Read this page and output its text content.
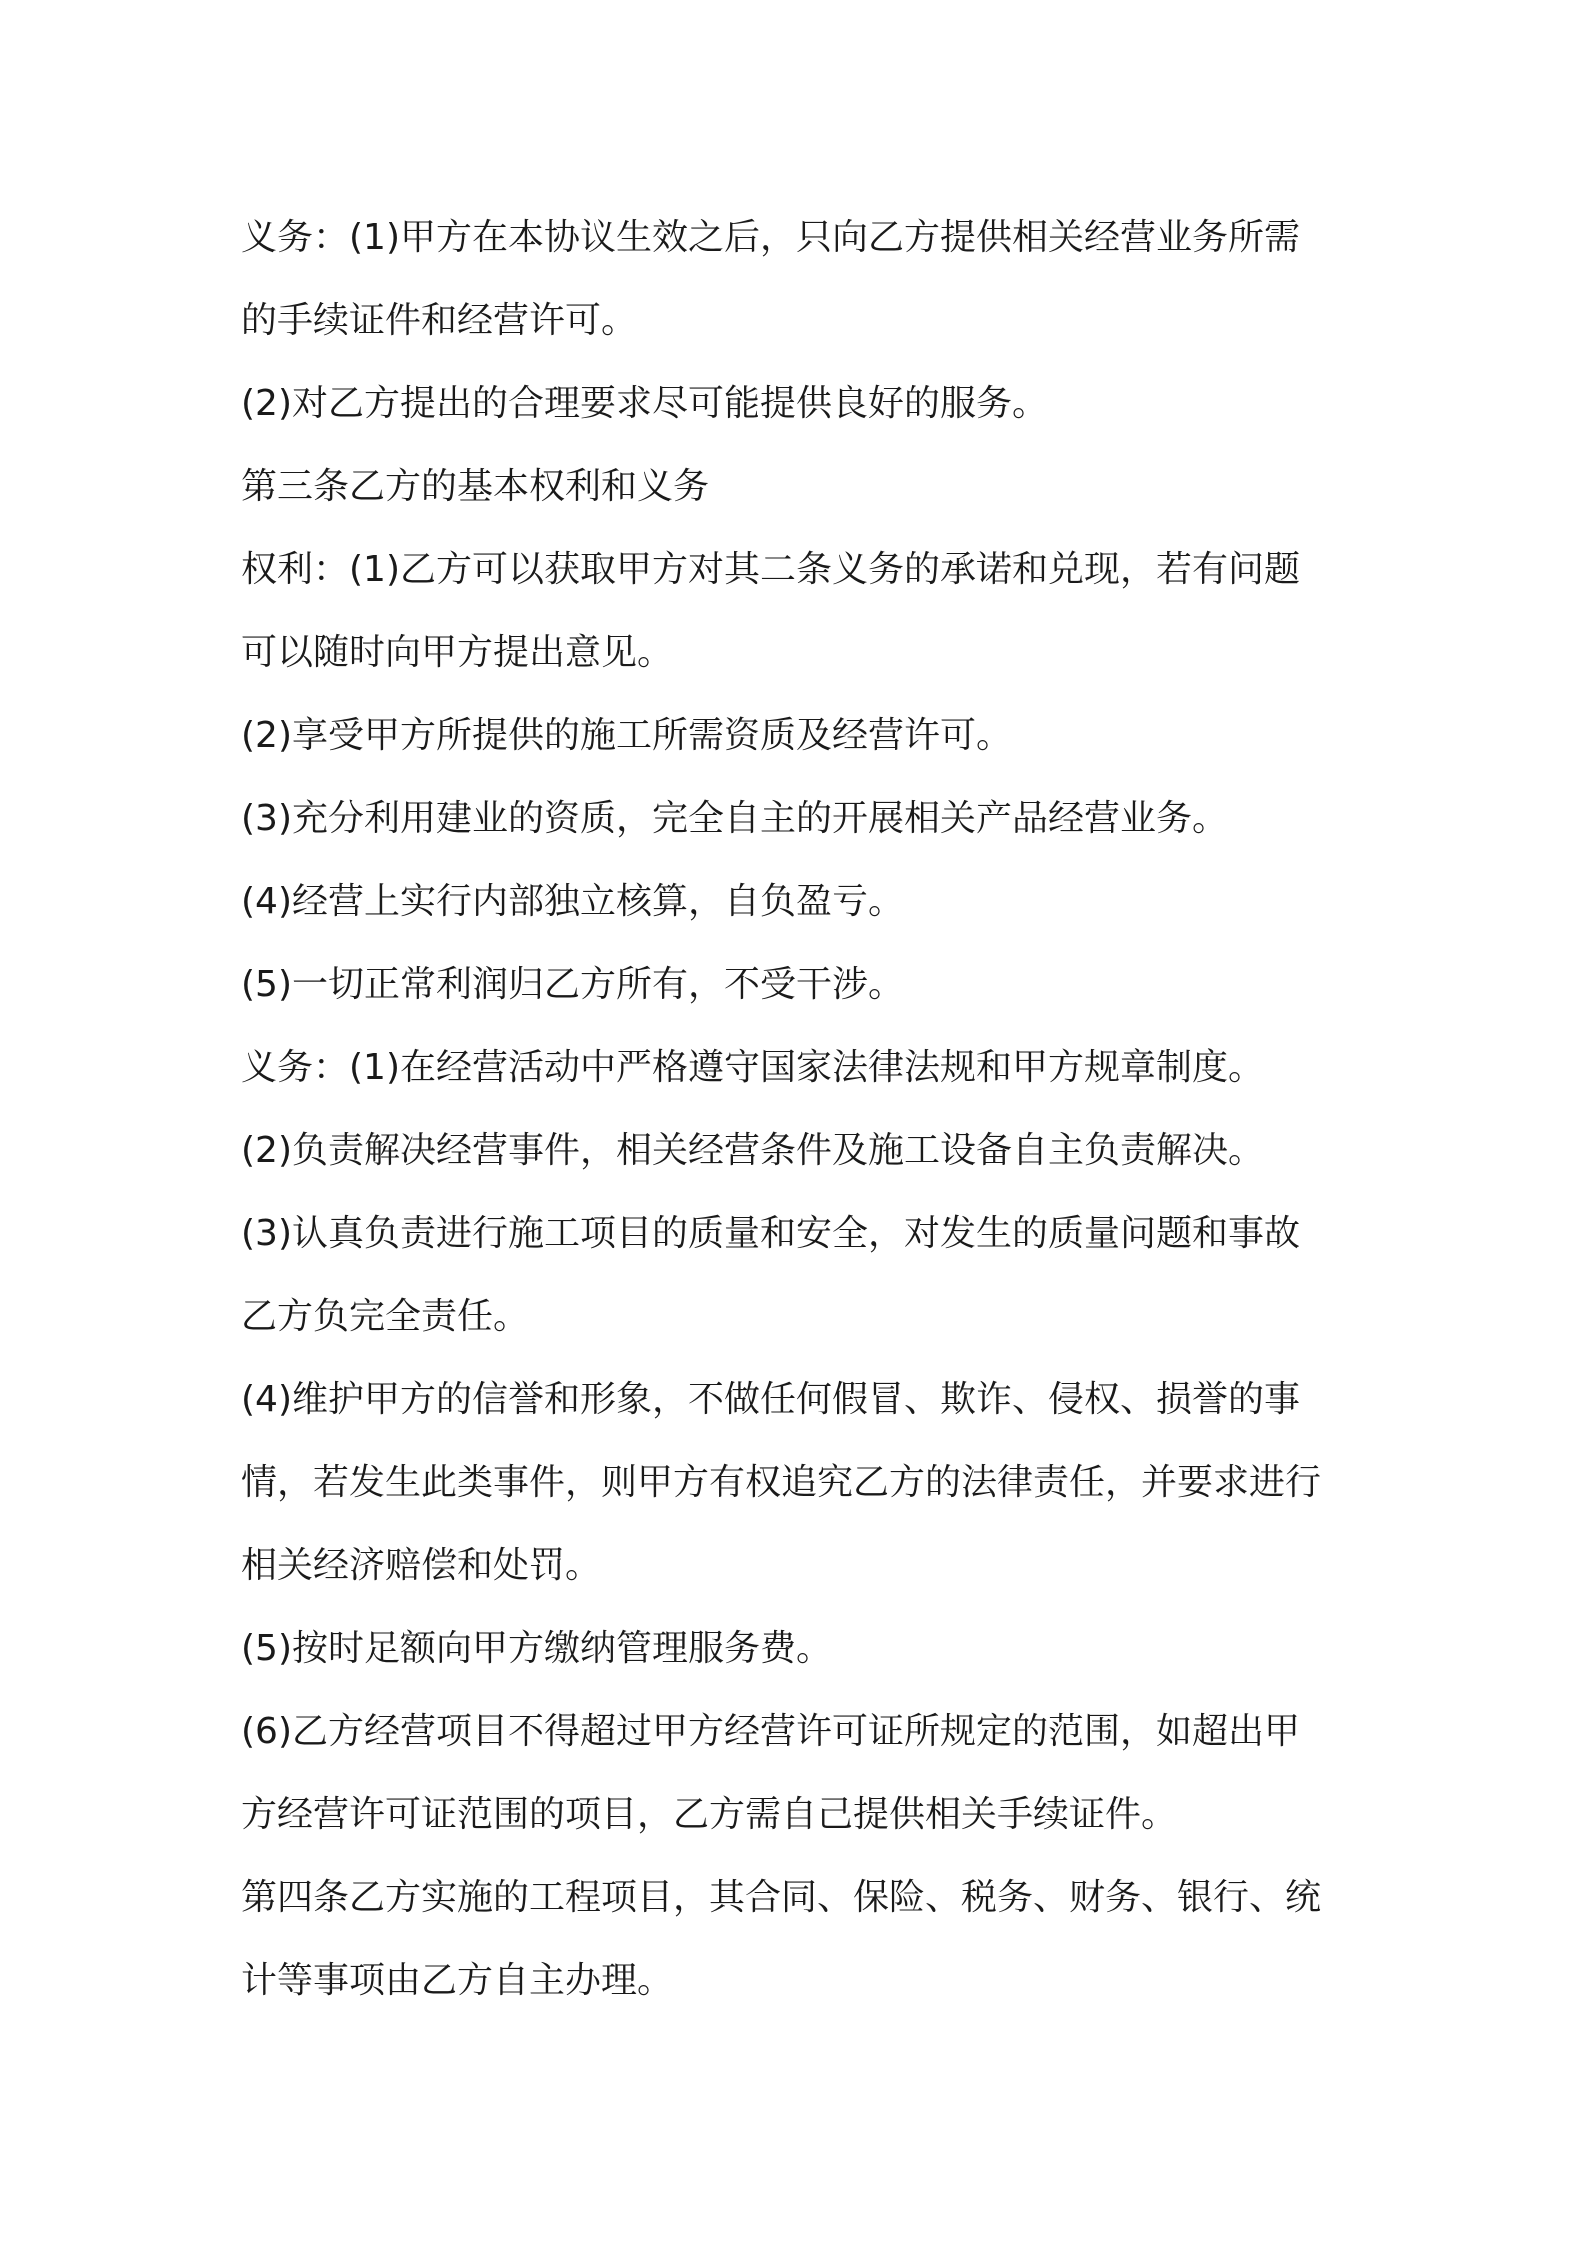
义务：(1)甲方在本协议生效之后，只向乙方提供相关经营业务所需
的手续证件和经营许可。
(2)对乙方提出的合理要求尽可能提供良好的服务。
第三条乙方的基本权利和义务
权利：(1)乙方可以获取甲方对其二条义务的承诺和兑现，若有问题
可以随时向甲方提出意见。
(2)享受甲方所提供的施工所需资质及经营许可。
(3)充分利用建业的资质，完全自主的开展相关产品经营业务。
(4)经营上实行内部独立核算，自负盈亏。
(5)一切正常利润归乙方所有，不受干涉。
义务：(1)在经营活动中严格遵守国家法律法规和甲方规章制度。
(2)负责解决经营事件，相关经营条件及施工设备自主负责解决。
(3)认真负责进行施工项目的质量和安全，对发生的质量问题和事故
乙方负完全责任。
(4)维护甲方的信誉和形象，不做任何假冒、欺诈、侵权、损誉的事
情，若发生此类事件，则甲方有权追究乙方的法律责任，并要求进行
相关经济赔偿和处罚。
(5)按时足额向甲方缴纳管理服务费。
(6)乙方经营项目不得超过甲方经营许可证所规定的范围，如超出甲
方经营许可证范围的项目，乙方需自己提供相关手续证件。
第四条乙方实施的工程项目，其合同、保险、税务、财务、银行、统
计等事项由乙方自主办理。
